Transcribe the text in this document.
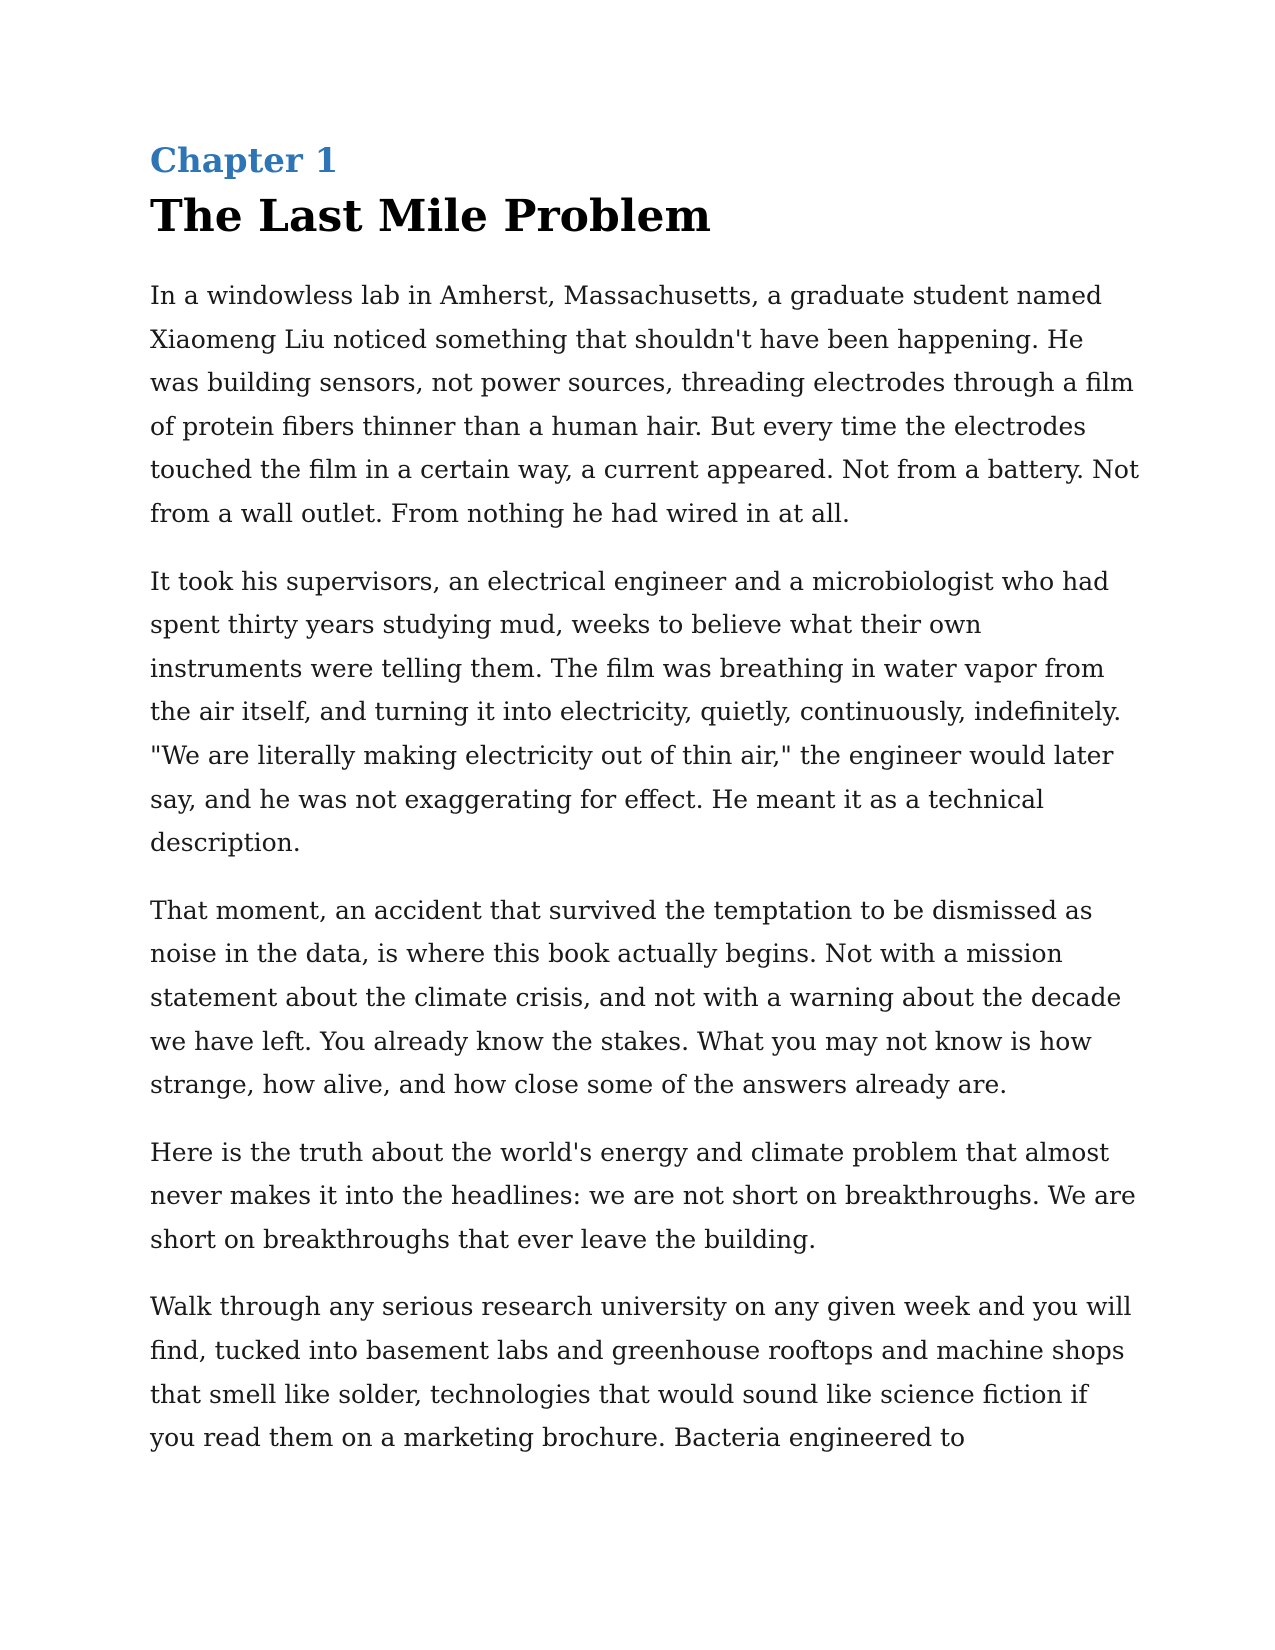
Chapter 1
The Last Mile Problem

In a windowless lab in Amherst, Massachusetts, a graduate student named Xiaomeng Liu noticed something that shouldn't have been happening. He was building sensors, not power sources, threading electrodes through a film of protein fibers thinner than a human hair. But every time the electrodes touched the film in a certain way, a current appeared. Not from a battery. Not from a wall outlet. From nothing he had wired in at all.

It took his supervisors, an electrical engineer and a microbiologist who had spent thirty years studying mud, weeks to believe what their own instruments were telling them. The film was breathing in water vapor from the air itself, and turning it into electricity, quietly, continuously, indefinitely. "We are literally making electricity out of thin air," the engineer would later say, and he was not exaggerating for effect. He meant it as a technical description.

That moment, an accident that survived the temptation to be dismissed as noise in the data, is where this book actually begins. Not with a mission statement about the climate crisis, and not with a warning about the decade we have left. You already know the stakes. What you may not know is how strange, how alive, and how close some of the answers already are.

Here is the truth about the world's energy and climate problem that almost never makes it into the headlines: we are not short on breakthroughs. We are short on breakthroughs that ever leave the building.

Walk through any serious research university on any given week and you will find, tucked into basement labs and greenhouse rooftops and machine shops that smell like solder, technologies that would sound like science fiction if you read them on a marketing brochure. Bacteria engineered to
